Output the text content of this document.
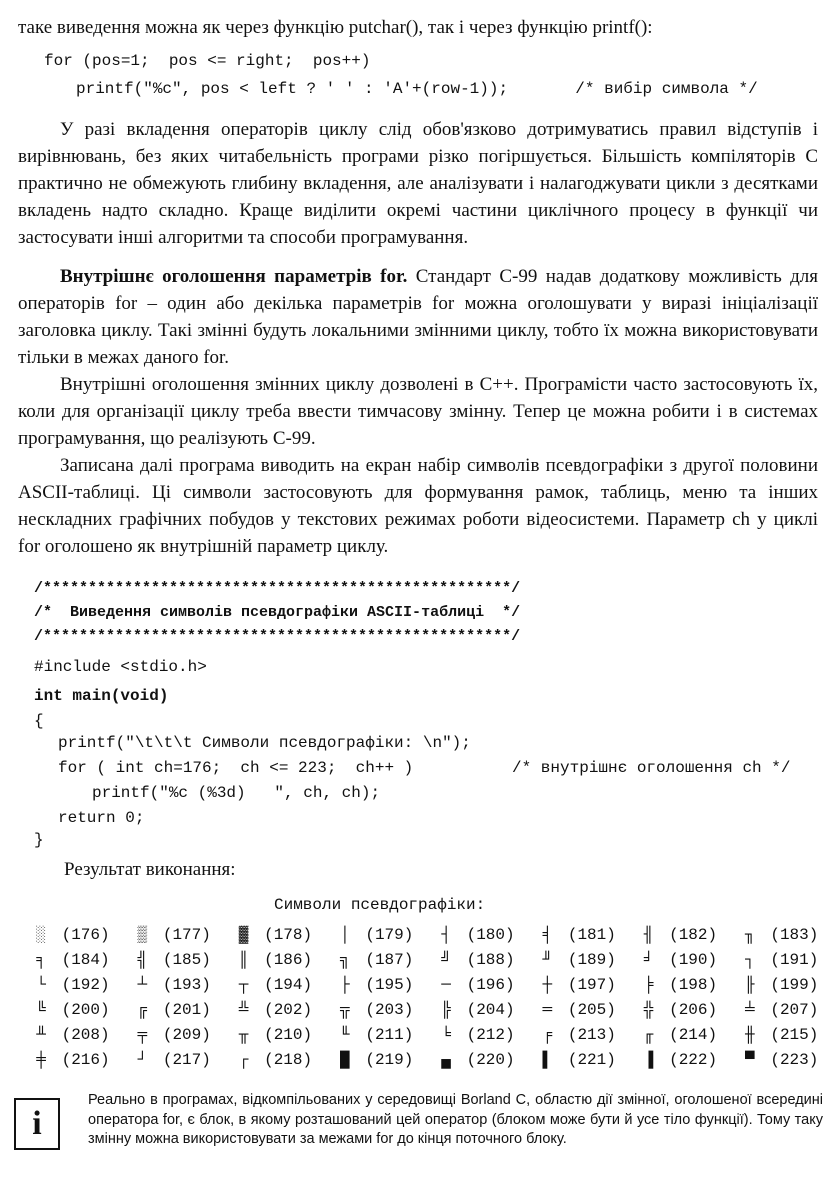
таке виведення можна як через функцію putchar(), так і через функцію printf():
for (pos=1;  pos <= right;  pos++)
printf("%c", pos < left ? ' ' : 'A'+(row-1));       /* вибір символа */

У разі вкладення операторів циклу слід обов'язково дотримуватись правил відступів і вирівнювань, без яких читабельність програми різко погіршується. Більшість компіляторів С практично не обмежують глибину вкладення, але аналізувати і налагоджувати цикли з десятками вкладень надто складно. Краще виділити окремі частини циклічного процесу в функції чи застосувати інші алгоритми та способи програмування.

Внутрішнє оголошення параметрів for. Стандарт С-99 надав додаткову можливість для операторів for – один або декілька параметрів for можна оголошувати у виразі ініціалізації заголовка циклу. Такі змінні будуть локальними змінними циклу, тобто їх можна використовувати тільки в межах даного for.

Внутрішні оголошення змінних циклу дозволені в С++. Програмісти часто застосовують їх, коли для організації циклу треба ввести тимчасову змінну. Тепер це можна робити і в системах програмування, що реалізують С-99.

Записана далі програма виводить на екран набір символів псевдографіки з другої половини ASCII-таблиці. Ці символи застосовують для формування рамок, таблиць, меню та інших нескладних графічних побудов у текстових режимах роботи відеосистеми. Параметр ch у циклі for оголошено як внутрішній параметр циклу.

/****************************************************/
/*  Виведення символів псевдографіки ASCII-таблиці  */
/****************************************************/
#include <stdio.h>
int main(void)
{
printf("\t\t\t Символи псевдографіки: \n");
for ( int ch=176;  ch <= 223;  ch++ )	/* внутрішнє оголошення ch */
printf("%c (%3d)   ", ch, ch);
return 0;
}
Результат виконання:
Символи псевдографіки:
░ (176)	▒ (177)	▓ (178)	│ (179)	┤ (180)	╡ (181)	╢ (182)	╖ (183)
╕ (184)	╣ (185)	║ (186)	╗ (187)	╝ (188)	╜ (189)	╛ (190)	┐ (191)
└ (192)	┴ (193)	┬ (194)	├ (195)	─ (196)	┼ (197)	╞ (198)	╟ (199)
╚ (200)	╔ (201)	╩ (202)	╦ (203)	╠ (204)	═ (205)	╬ (206)	╧ (207)
╨ (208)	╤ (209)	╥ (210)	╙ (211)	╘ (212)	╒ (213)	╓ (214)	╫ (215)
╪ (216)	┘ (217)	┌ (218)	█ (219)	▄ (220)	▌ (221)	▐ (222)	▀ (223)
i
Реально в програмах, відкомпільованих у середовищі Borland C, областю дії змінної, оголошеної всередині оператора for, є блок, в якому розташований цей оператор (блоком може бути й усе тіло функції). Тому таку змінну можна використовувати за межами for до кінця поточного блоку.
